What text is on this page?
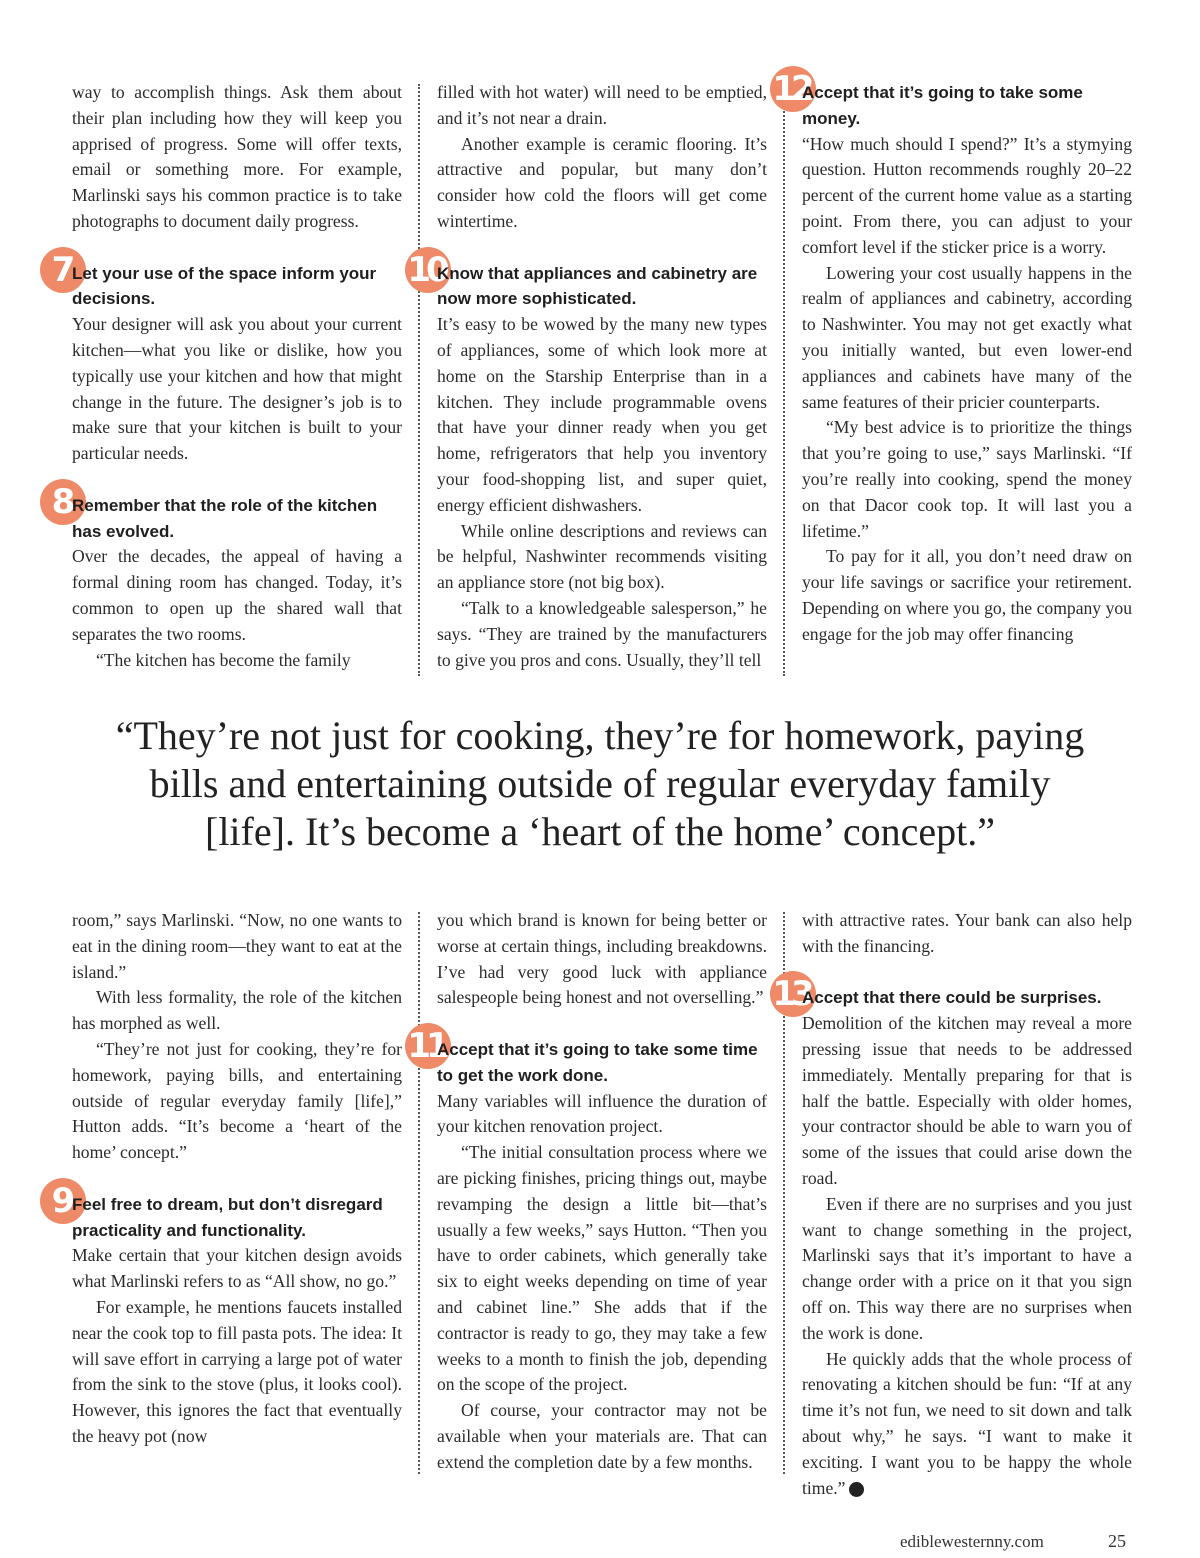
way to accomplish things. Ask them about their plan including how they will keep you apprised of progress. Some will offer texts, email or something more. For example, Marlinski says his common practice is to take photographs to document daily progress.

7 Let your use of the space inform your decisions.

Your designer will ask you about your current kitchen—what you like or dislike, how you typically use your kitchen and how that might change in the future. The designer’s job is to make sure that your kitchen is built to your particular needs.

8 Remember that the role of the kitchen has evolved.

Over the decades, the appeal of having a formal dining room has changed. Today, it’s common to open up the shared wall that separates the two rooms.

“The kitchen has become the family

filled with hot water) will need to be emptied, and it’s not near a drain.

Another example is ceramic flooring. It’s attractive and popular, but many don’t consider how cold the floors will get come wintertime.

10
Know that appliances and cabinetry are now more sophisticated.

It’s easy to be wowed by the many new types of appliances, some of which look more at home on the Starship Enterprise than in a kitchen. They include programmable ovens that have your dinner ready when you get home, refrigerators that help you inventory your food-shopping list, and super quiet, energy efficient dishwashers.

While online descriptions and reviews can be helpful, Nashwinter recommends visiting an appliance store (not big box).

“Talk to a knowledgeable salesperson,” he says. “They are trained by the manufacturers to give you pros and cons. Usually, they’ll tell

12
Accept that it’s going to take some money.

“How much should I spend?” It’s a stymying question. Hutton recommends roughly 20–22 percent of the current home value as a starting point. From there, you can adjust to your comfort level if the sticker price is a worry.

Lowering your cost usually happens in the realm of appliances and cabinetry, according to Nashwinter. You may not get exactly what you initially wanted, but even lower-end appliances and cabinets have many of the same features of their pricier counterparts.

“My best advice is to prioritize the things that you’re going to use,” says Marlinski. “If you’re really into cooking, spend the money on that Dacor cook top. It will last you a lifetime.”

To pay for it all, you don’t need draw on your life savings or sacrifice your retirement. Depending on where you go, the company you engage for the job may offer financing

“They’re not just for cooking, they’re for homework, paying bills and entertaining outside of regular everyday family [life]. It’s become a ‘heart of the home’ concept.”

room,” says Marlinski. “Now, no one wants to eat in the dining room—they want to eat at the island.”

With less formality, the role of the kitchen has morphed as well.

“They’re not just for cooking, they’re for homework, paying bills, and entertaining outside of regular everyday family [life],” Hutton adds. “It’s become a ‘heart of the home’ concept.”

9 Feel free to dream, but don’t disregard practicality and functionality.

Make certain that your kitchen design avoids what Marlinski refers to as “All show, no go.”

For example, he mentions faucets installed near the cook top to fill pasta pots. The idea: It will save effort in carrying a large pot of water from the sink to the stove (plus, it looks cool). However, this ignores the fact that eventually the heavy pot (now

you which brand is known for being better or worse at certain things, including breakdowns. I’ve had very good luck with appliance salespeople being honest and not overselling.”

11
Accept that it’s going to take some time to get the work done.

Many variables will influence the duration of your kitchen renovation project.

“The initial consultation process where we are picking finishes, pricing things out, maybe revamping the design a little bit—that’s usually a few weeks,” says Hutton. “Then you have to order cabinets, which generally take six to eight weeks depending on time of year and cabinet line.” She adds that if the contractor is ready to go, they may take a few weeks to a month to finish the job, depending on the scope of the project.

Of course, your contractor may not be available when your materials are. That can extend the completion date by a few months.

with attractive rates. Your bank can also help with the financing.

13
Accept that there could be surprises.

Demolition of the kitchen may reveal a more pressing issue that needs to be addressed immediately. Mentally preparing for that is half the battle. Especially with older homes, your contractor should be able to warn you of some of the issues that could arise down the road.

Even if there are no surprises and you just want to change something in the project, Marlinski says that it’s important to have a change order with a price on it that you sign off on. This way there are no surprises when the work is done.

He quickly adds that the whole process of renovating a kitchen should be fun: “If at any time it’s not fun, we need to sit down and talk about why,” he says. “I want to make it exciting. I want you to be happy the whole time.”	e

ediblewesternny.com	25
